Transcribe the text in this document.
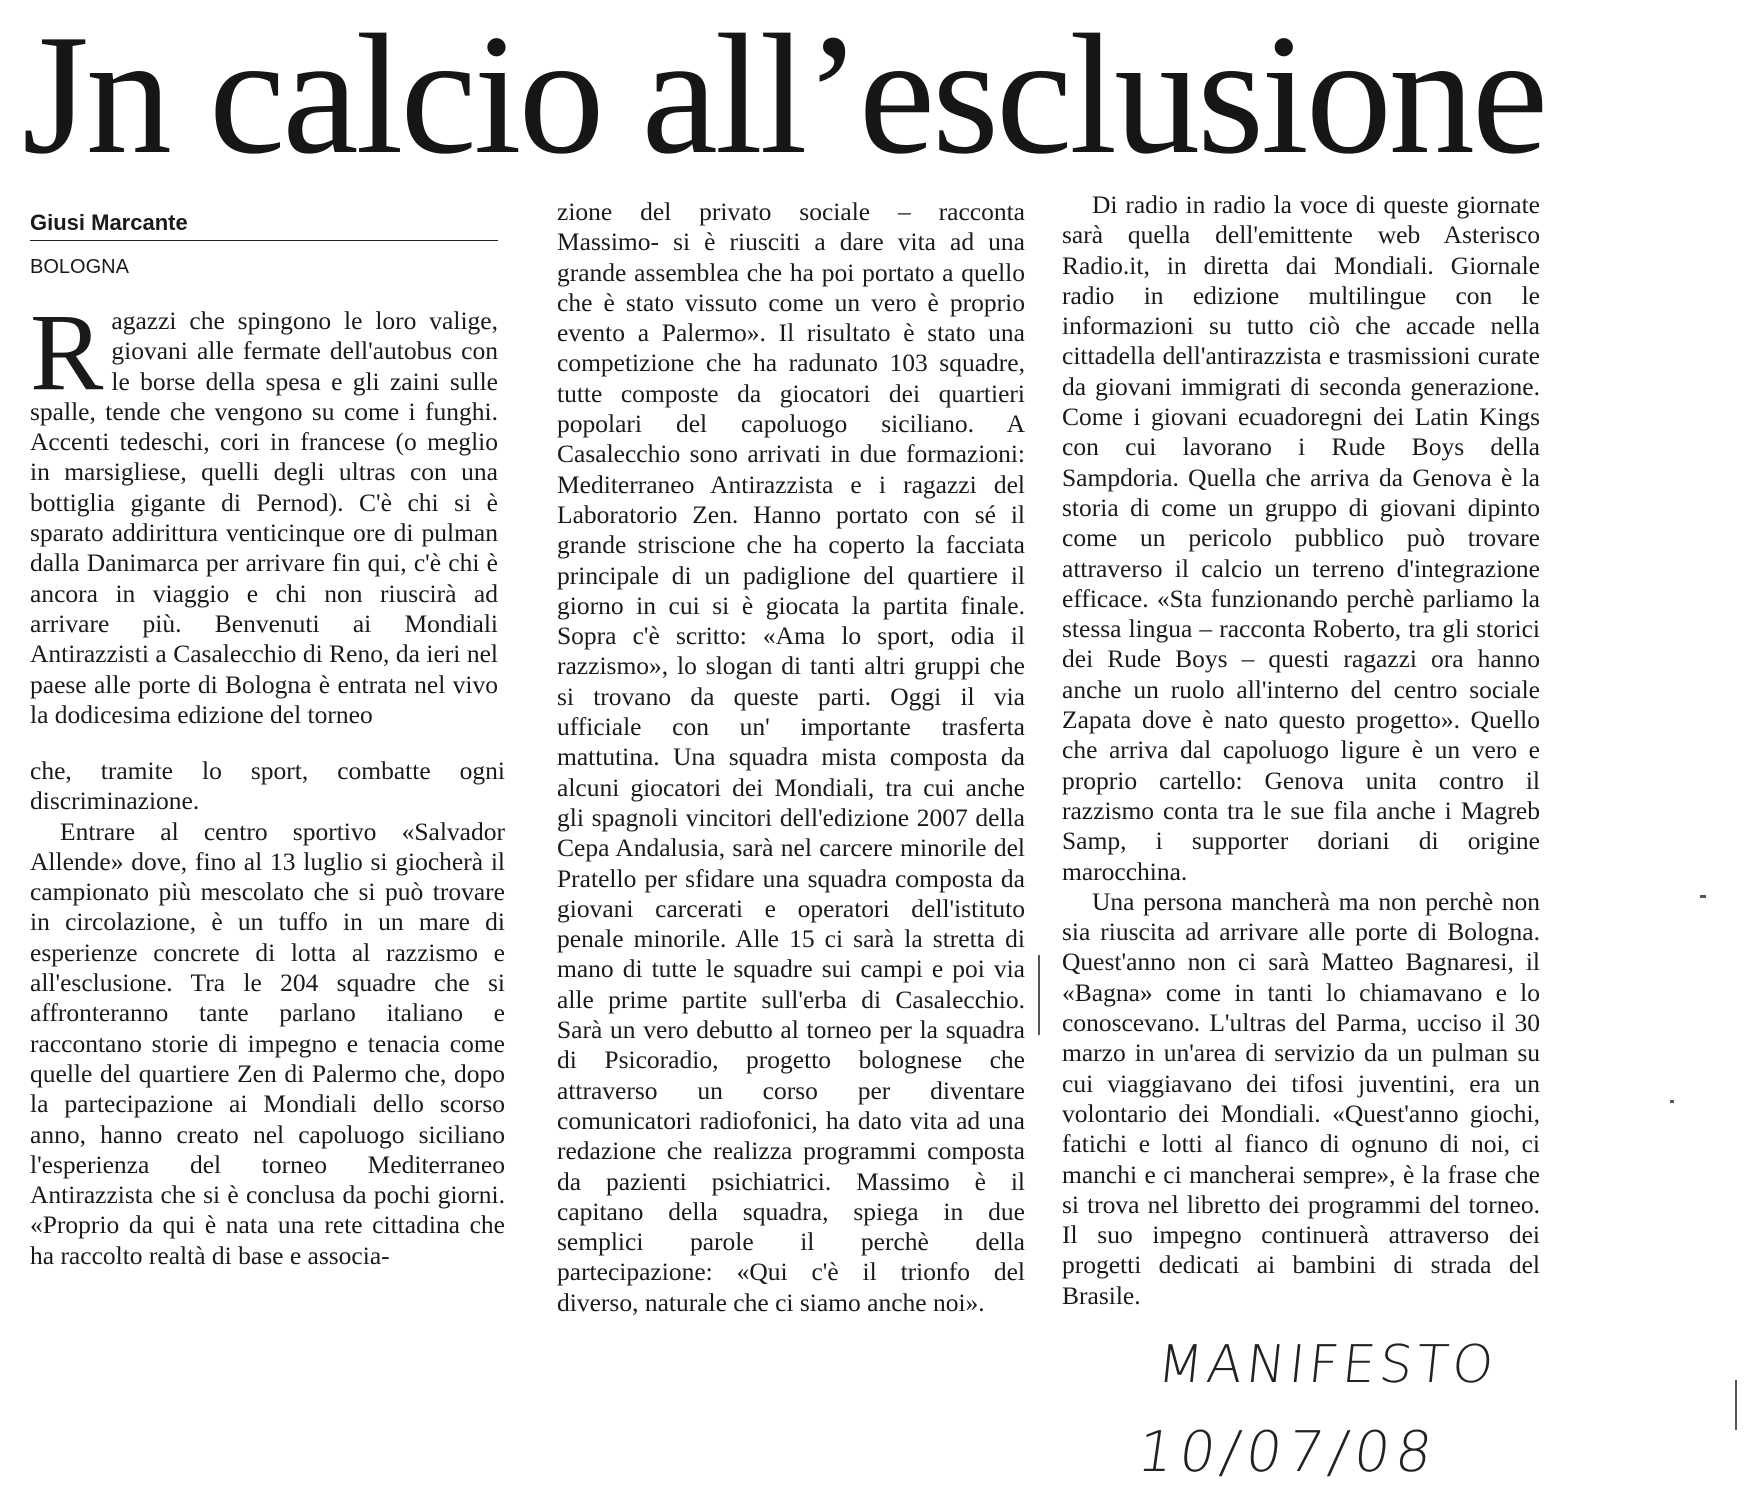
Jn calcio all’esclusione
Giusi Marcante
BOLOGNA

Ragazzi che spingono le loro valige, giovani alle fermate dell'autobus con le borse della spesa e gli zaini sulle spalle, tende che vengono su come i funghi. Accenti tedeschi, cori in francese (o meglio in marsigliese, quelli degli ultras con una bottiglia gigante di Pernod). C'è chi si è sparato addirittura venticinque ore di pulman dalla Danimarca per arrivare fin qui, c'è chi è ancora in viaggio e chi non riuscirà ad arrivare più. Benvenuti ai Mondiali Antirazzisti a Casalecchio di Reno, da ieri nel paese alle porte di Bologna è entrata nel vivo la dodicesima edizione del torneo

che, tramite lo sport, combatte ogni discriminazione.

Entrare al centro sportivo «Salvador Allende» dove, fino al 13 luglio si giocherà il campionato più mescolato che si può trovare in circolazione, è un tuffo in un mare di esperienze concrete di lotta al razzismo e all'esclusione. Tra le 204 squadre che si affronteranno tante parlano italiano e raccontano storie di impegno e tenacia come quelle del quartiere Zen di Palermo che, dopo la partecipazione ai Mondiali dello scorso anno, hanno creato nel capoluogo siciliano l'esperienza del torneo Mediterraneo Antirazzista che si è conclusa da pochi giorni. «Proprio da qui è nata una rete cittadina che ha raccolto realtà di base e associa-

zione del privato sociale – racconta Massimo- si è riusciti a dare vita ad una grande assemblea che ha poi portato a quello che è stato vissuto come un vero è proprio evento a Palermo». Il risultato è stato una competizione che ha radunato 103 squadre, tutte composte da giocatori dei quartieri popolari del capoluogo siciliano. A Casalecchio sono arrivati in due formazioni: Mediterraneo Antirazzista e i ragazzi del Laboratorio Zen. Hanno portato con sé il grande striscione che ha coperto la facciata principale di un padiglione del quartiere il giorno in cui si è giocata la partita finale. Sopra c'è scritto: «Ama lo sport, odia il razzismo», lo slogan di tanti altri gruppi che si trovano da queste parti. Oggi il via ufficiale con un' importante trasferta mattutina. Una squadra mista composta da alcuni giocatori dei Mondiali, tra cui anche gli spagnoli vincitori dell'edizione 2007 della Cepa Andalusia, sarà nel carcere minorile del Pratello per sfidare una squadra composta da giovani carcerati e operatori dell'istituto penale minorile. Alle 15 ci sarà la stretta di mano di tutte le squadre sui campi e poi via alle prime partite sull'erba di Casalecchio. Sarà un vero debutto al torneo per la squadra di Psicoradio, progetto bolognese che attraverso un corso per diventare comunicatori radiofonici, ha dato vita ad una redazione che realizza programmi composta da pazienti psichiatrici. Massimo è il capitano della squadra, spiega in due semplici parole il perchè della partecipazione: «Qui c'è il trionfo del diverso, naturale che ci siamo anche noi».

Di radio in radio la voce di queste giornate sarà quella dell'emittente web Asterisco Radio.it, in diretta dai Mondiali. Giornale radio in edizione multilingue con le informazioni su tutto ciò che accade nella cittadella dell'antirazzista e trasmissioni curate da giovani immigrati di seconda generazione. Come i giovani ecuadoregni dei Latin Kings con cui lavorano i Rude Boys della Sampdoria. Quella che arriva da Genova è la storia di come un gruppo di giovani dipinto come un pericolo pubblico può trovare attraverso il calcio un terreno d'integrazione efficace. «Sta funzionando perchè parliamo la stessa lingua – racconta Roberto, tra gli storici dei Rude Boys – questi ragazzi ora hanno anche un ruolo all'interno del centro sociale Zapata dove è nato questo progetto». Quello che arriva dal capoluogo ligure è un vero e proprio cartello: Genova unita contro il razzismo conta tra le sue fila anche i Magreb Samp, i supporter doriani di origine marocchina.

Una persona mancherà ma non perchè non sia riuscita ad arrivare alle porte di Bologna. Quest'anno non ci sarà Matteo Bagnaresi, il «Bagna» come in tanti lo chiamavano e lo conoscevano. L'ultras del Parma, ucciso il 30 marzo in un'area di servizio da un pulman su cui viaggiavano dei tifosi juventini, era un volontario dei Mondiali. «Quest'anno giochi, fatichi e lotti al fianco di ognuno di noi, ci manchi e ci mancherai sempre», è la frase che si trova nel libretto dei programmi del torneo. Il suo impegno continuerà attraverso dei progetti dedicati ai bambini di strada del Brasile.

MANIFESTO
10/07/08
